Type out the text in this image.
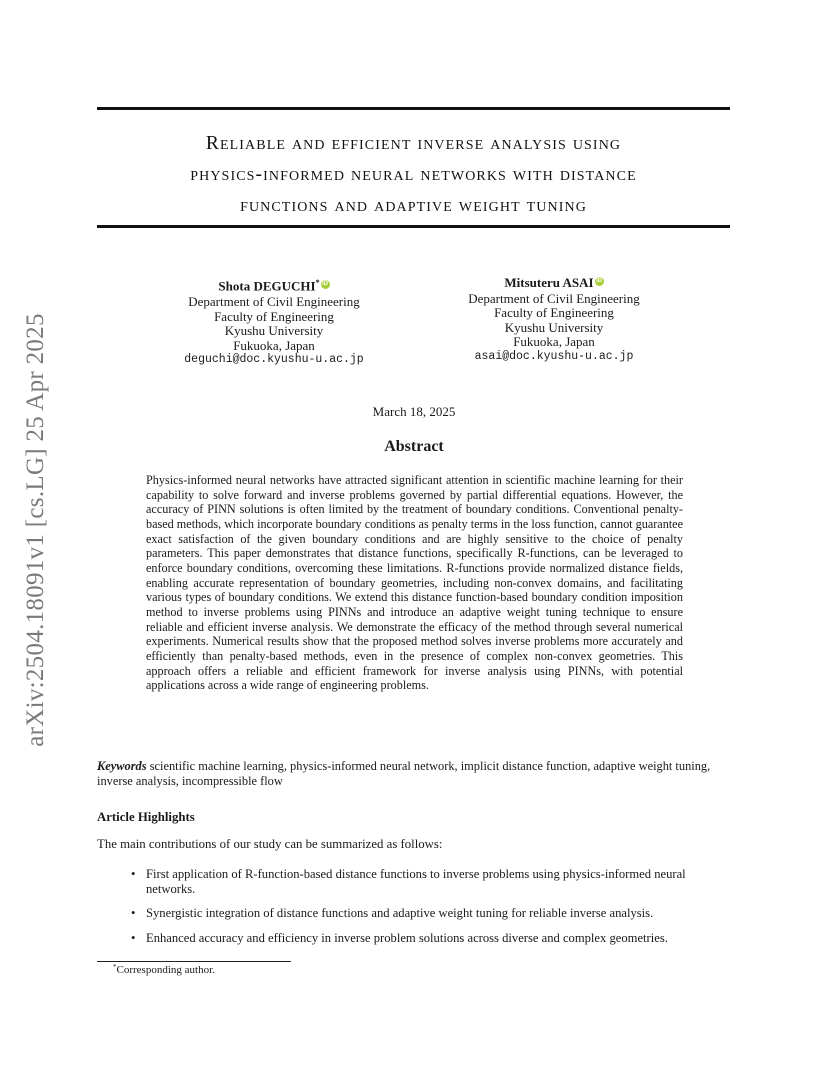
arXiv:2504.18091v1 [cs.LG] 25 Apr 2025
Reliable and efficient inverse analysis using
physics-informed neural networks with distance
functions and adaptive weight tuning
Shota DEGUCHI* iD
Department of Civil Engineering
Faculty of Engineering
Kyushu University
Fukuoka, Japan
deguchi@doc.kyushu-u.ac.jp
Mitsuteru ASAI iD
Department of Civil Engineering
Faculty of Engineering
Kyushu University
Fukuoka, Japan
asai@doc.kyushu-u.ac.jp
March 18, 2025
Abstract
Physics-informed neural networks have attracted significant attention in scientific machine learning for their capability to solve forward and inverse problems governed by partial differential equations. However, the accuracy of PINN solutions is often limited by the treatment of boundary conditions. Conventional penalty-based methods, which incorporate boundary conditions as penalty terms in the loss function, cannot guarantee exact satisfaction of the given boundary conditions and are highly sensitive to the choice of penalty parameters. This paper demonstrates that distance functions, specifically R-functions, can be leveraged to enforce boundary conditions, overcoming these limitations. R-functions provide normalized distance fields, enabling accurate representation of boundary geometries, including non-convex domains, and facilitating various types of boundary conditions. We extend this distance function-based boundary condition imposition method to inverse problems using PINNs and introduce an adaptive weight tuning technique to ensure reliable and efficient inverse analysis. We demonstrate the efficacy of the method through several numerical experiments. Numerical results show that the proposed method solves inverse problems more accurately and efficiently than penalty-based methods, even in the presence of complex non-convex geometries. This approach offers a reliable and efficient framework for inverse analysis using PINNs, with potential applications across a wide range of engineering problems.
Keywords scientific machine learning, physics-informed neural network, implicit distance function, adaptive weight tuning, inverse analysis, incompressible flow
Article Highlights
The main contributions of our study can be summarized as follows:
• First application of R-function-based distance functions to inverse problems using physics-informed neural networks.
• Synergistic integration of distance functions and adaptive weight tuning for reliable inverse analysis.
• Enhanced accuracy and efficiency in inverse problem solutions across diverse and complex geometries.
*Corresponding author.
